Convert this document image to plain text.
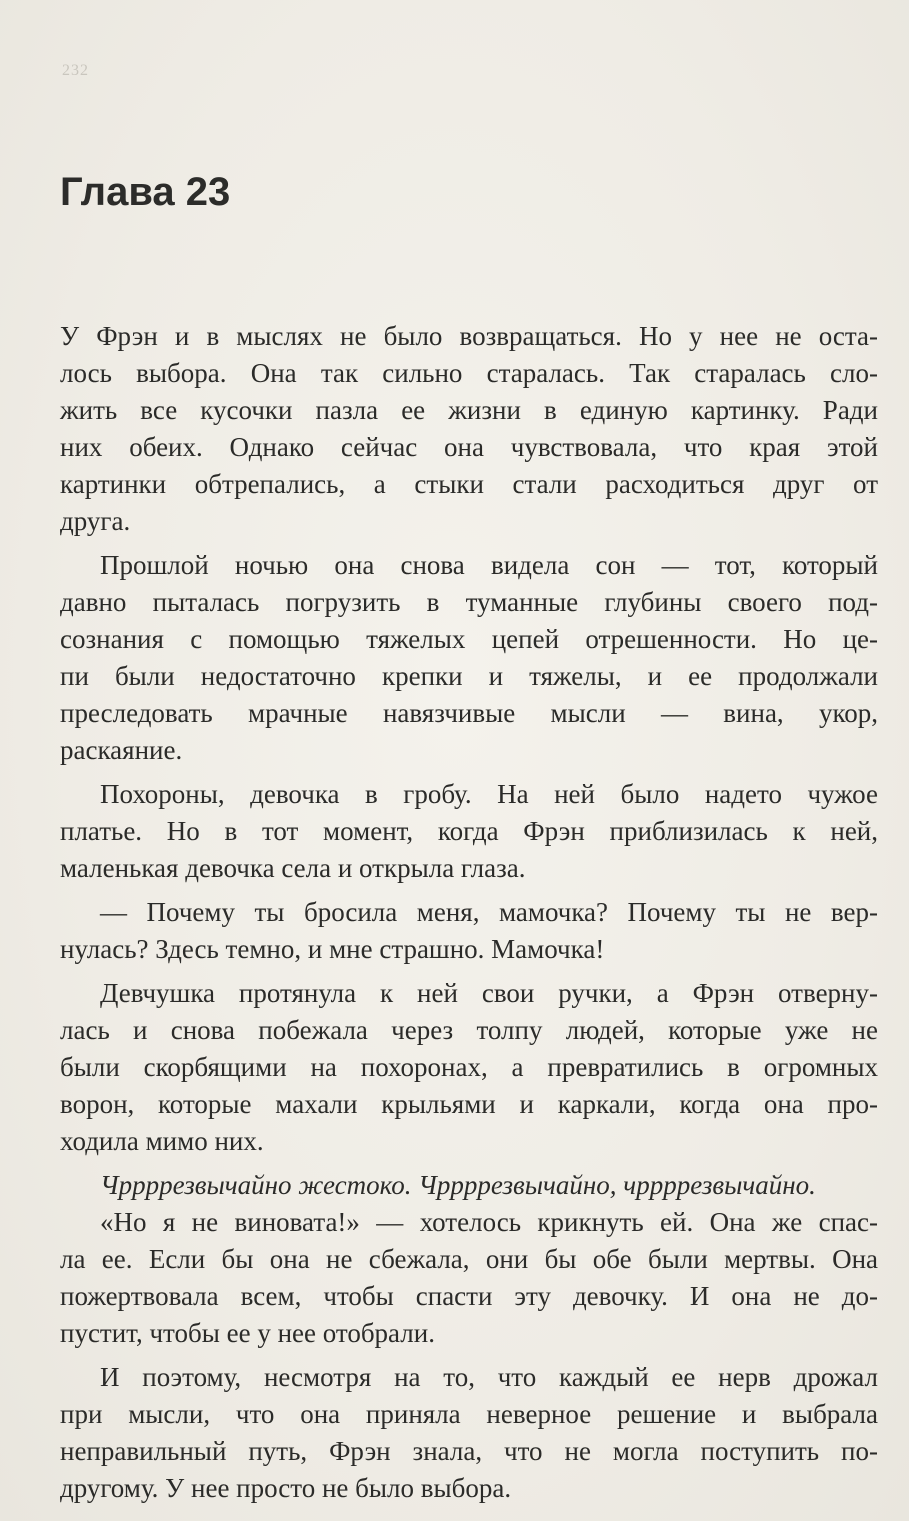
232
Глава 23
У Фрэн и в мыслях не было возвращаться. Но у нее не оста-
лось выбора. Она так сильно старалась. Так старалась сло-
жить все кусочки пазла ее жизни в единую картинку. Ради
них обеих. Однако сейчас она чувствовала, что края этой
картинки обтрепались, а стыки стали расходиться друг от
друга.
Прошлой ночью она снова видела сон — тот, который
давно пыталась погрузить в туманные глубины своего под-
сознания с помощью тяжелых цепей отрешенности. Но це-
пи были недостаточно крепки и тяжелы, и ее продолжали
преследовать мрачные навязчивые мысли — вина, укор,
раскаяние.
Похороны, девочка в гробу. На ней было надето чужое
платье. Но в тот момент, когда Фрэн приблизилась к ней,
маленькая девочка села и открыла глаза.
— Почему ты бросила меня, мамочка? Почему ты не вер-
нулась? Здесь темно, и мне страшно. Мамочка!
Девчушка протянула к ней свои ручки, а Фрэн отверну-
лась и снова побежала через толпу людей, которые уже не
были скорбящими на похоронах, а превратились в огромных
ворон, которые махали крыльями и каркали, когда она про-
ходила мимо них.
Чррррезвычайно жестоко. Чррррезвычайно, чррррезвычайно.
«Но я не виновата!» — хотелось крикнуть ей. Она же спас-
ла ее. Если бы она не сбежала, они бы обе были мертвы. Она
пожертвовала всем, чтобы спасти эту девочку. И она не до-
пустит, чтобы ее у нее отобрали.
И поэтому, несмотря на то, что каждый ее нерв дрожал
при мысли, что она приняла неверное решение и выбрала
неправильный путь, Фрэн знала, что не могла поступить по-
другому. У нее просто не было выбора.
